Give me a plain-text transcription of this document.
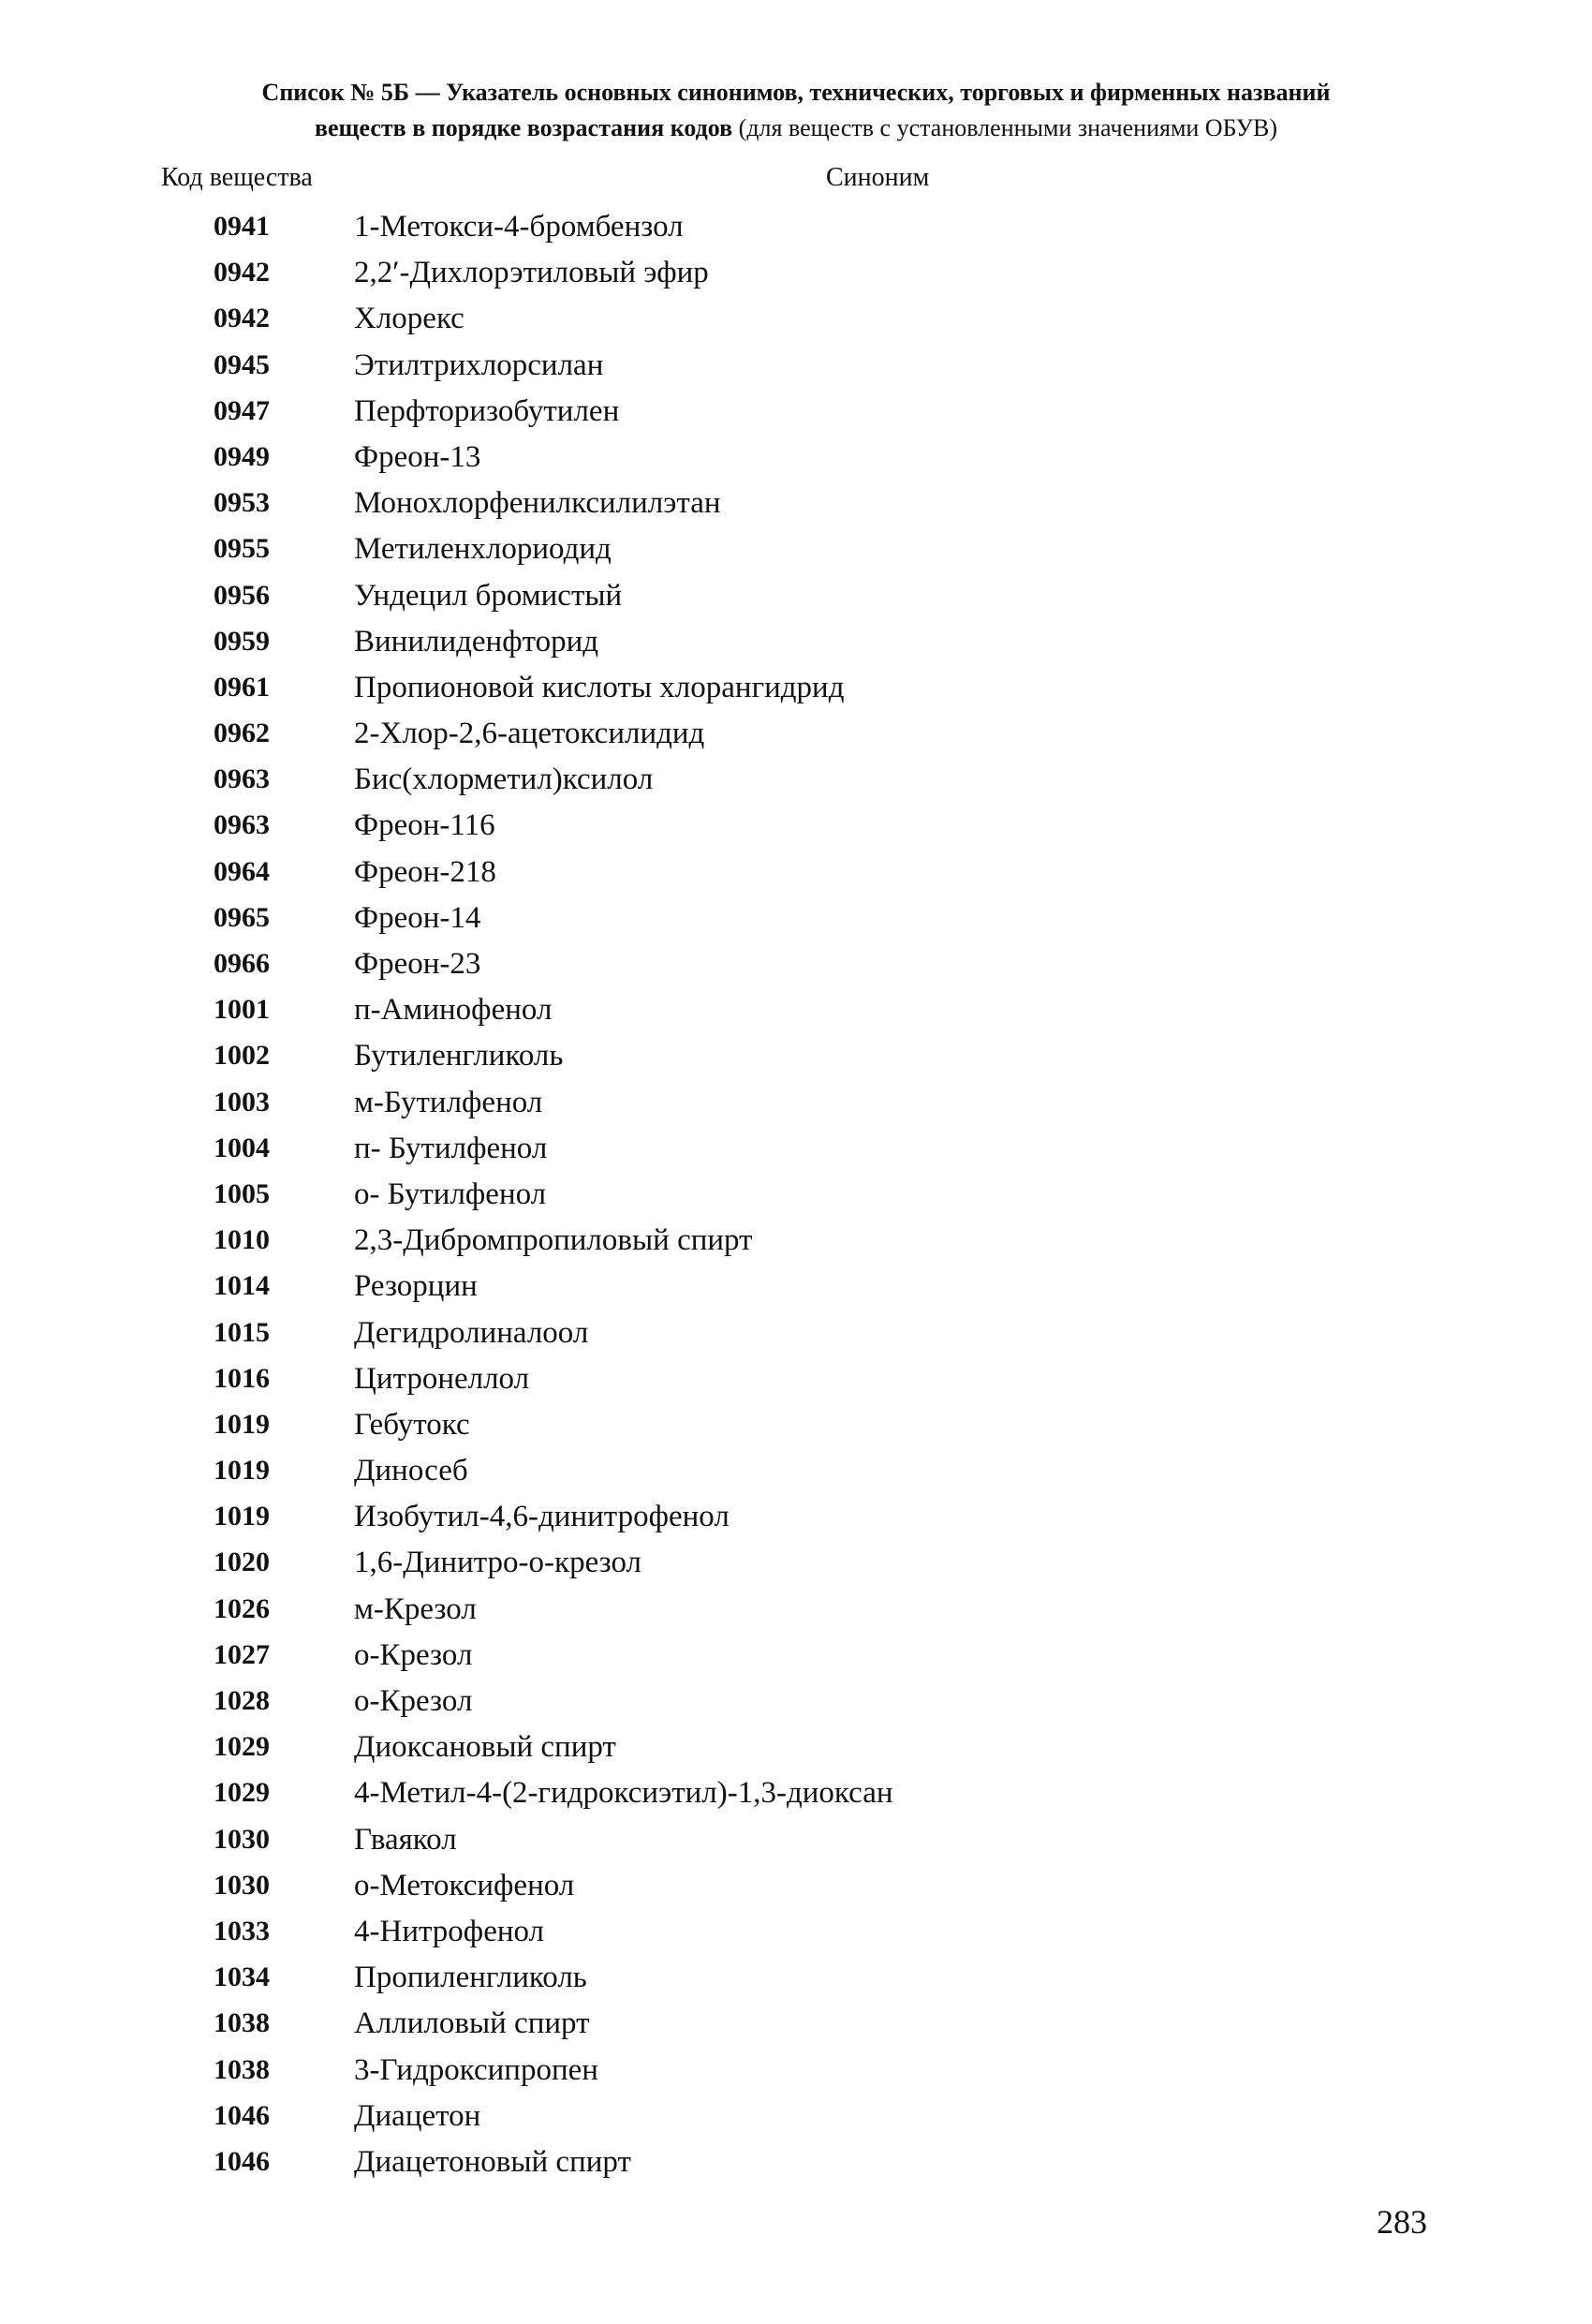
Список № 5Б — Указатель основных синонимов, технических, торговых и фирменных названий
веществ в порядке возрастания кодов (для веществ с установленными значениями ОБУВ)
Код вещества	Синоним
0941	1-Метокси-4-бромбензол
0942	2,2′-Дихлорэтиловый эфир
0942	Хлорекс
0945	Этилтрихлорсилан
0947	Перфторизобутилен
0949	Фреон-13
0953	Монохлорфенилксилилэтан
0955	Метиленхлориодид
0956	Ундецил бромистый
0959	Винилиденфторид
0961	Пропионовой кислоты хлорангидрид
0962	2-Хлор-2,6-ацетоксилидид
0963	Бис(хлорметил)ксилол
0963	Фреон-116
0964	Фреон-218
0965	Фреон-14
0966	Фреон-23
1001	п-Аминофенол
1002	Бутиленгликоль
1003	м-Бутилфенол
1004	п- Бутилфенол
1005	о- Бутилфенол
1010	2,3-Дибромпропиловый спирт
1014	Резорцин
1015	Дегидролиналоол
1016	Цитронеллол
1019	Гебутокс
1019	Диносеб
1019	Изобутил-4,6-динитрофенол
1020	1,6-Динитро-о-крезол
1026	м-Крезол
1027	о-Крезол
1028	о-Крезол
1029	Диоксановый спирт
1029	4-Метил-4-(2-гидроксиэтил)-1,3-диоксан
1030	Гваякол
1030	о-Метоксифенол
1033	4-Нитрофенол
1034	Пропиленгликоль
1038	Аллиловый спирт
1038	3-Гидроксипропен
1046	Диацетон
1046	Диацетоновый спирт
283
